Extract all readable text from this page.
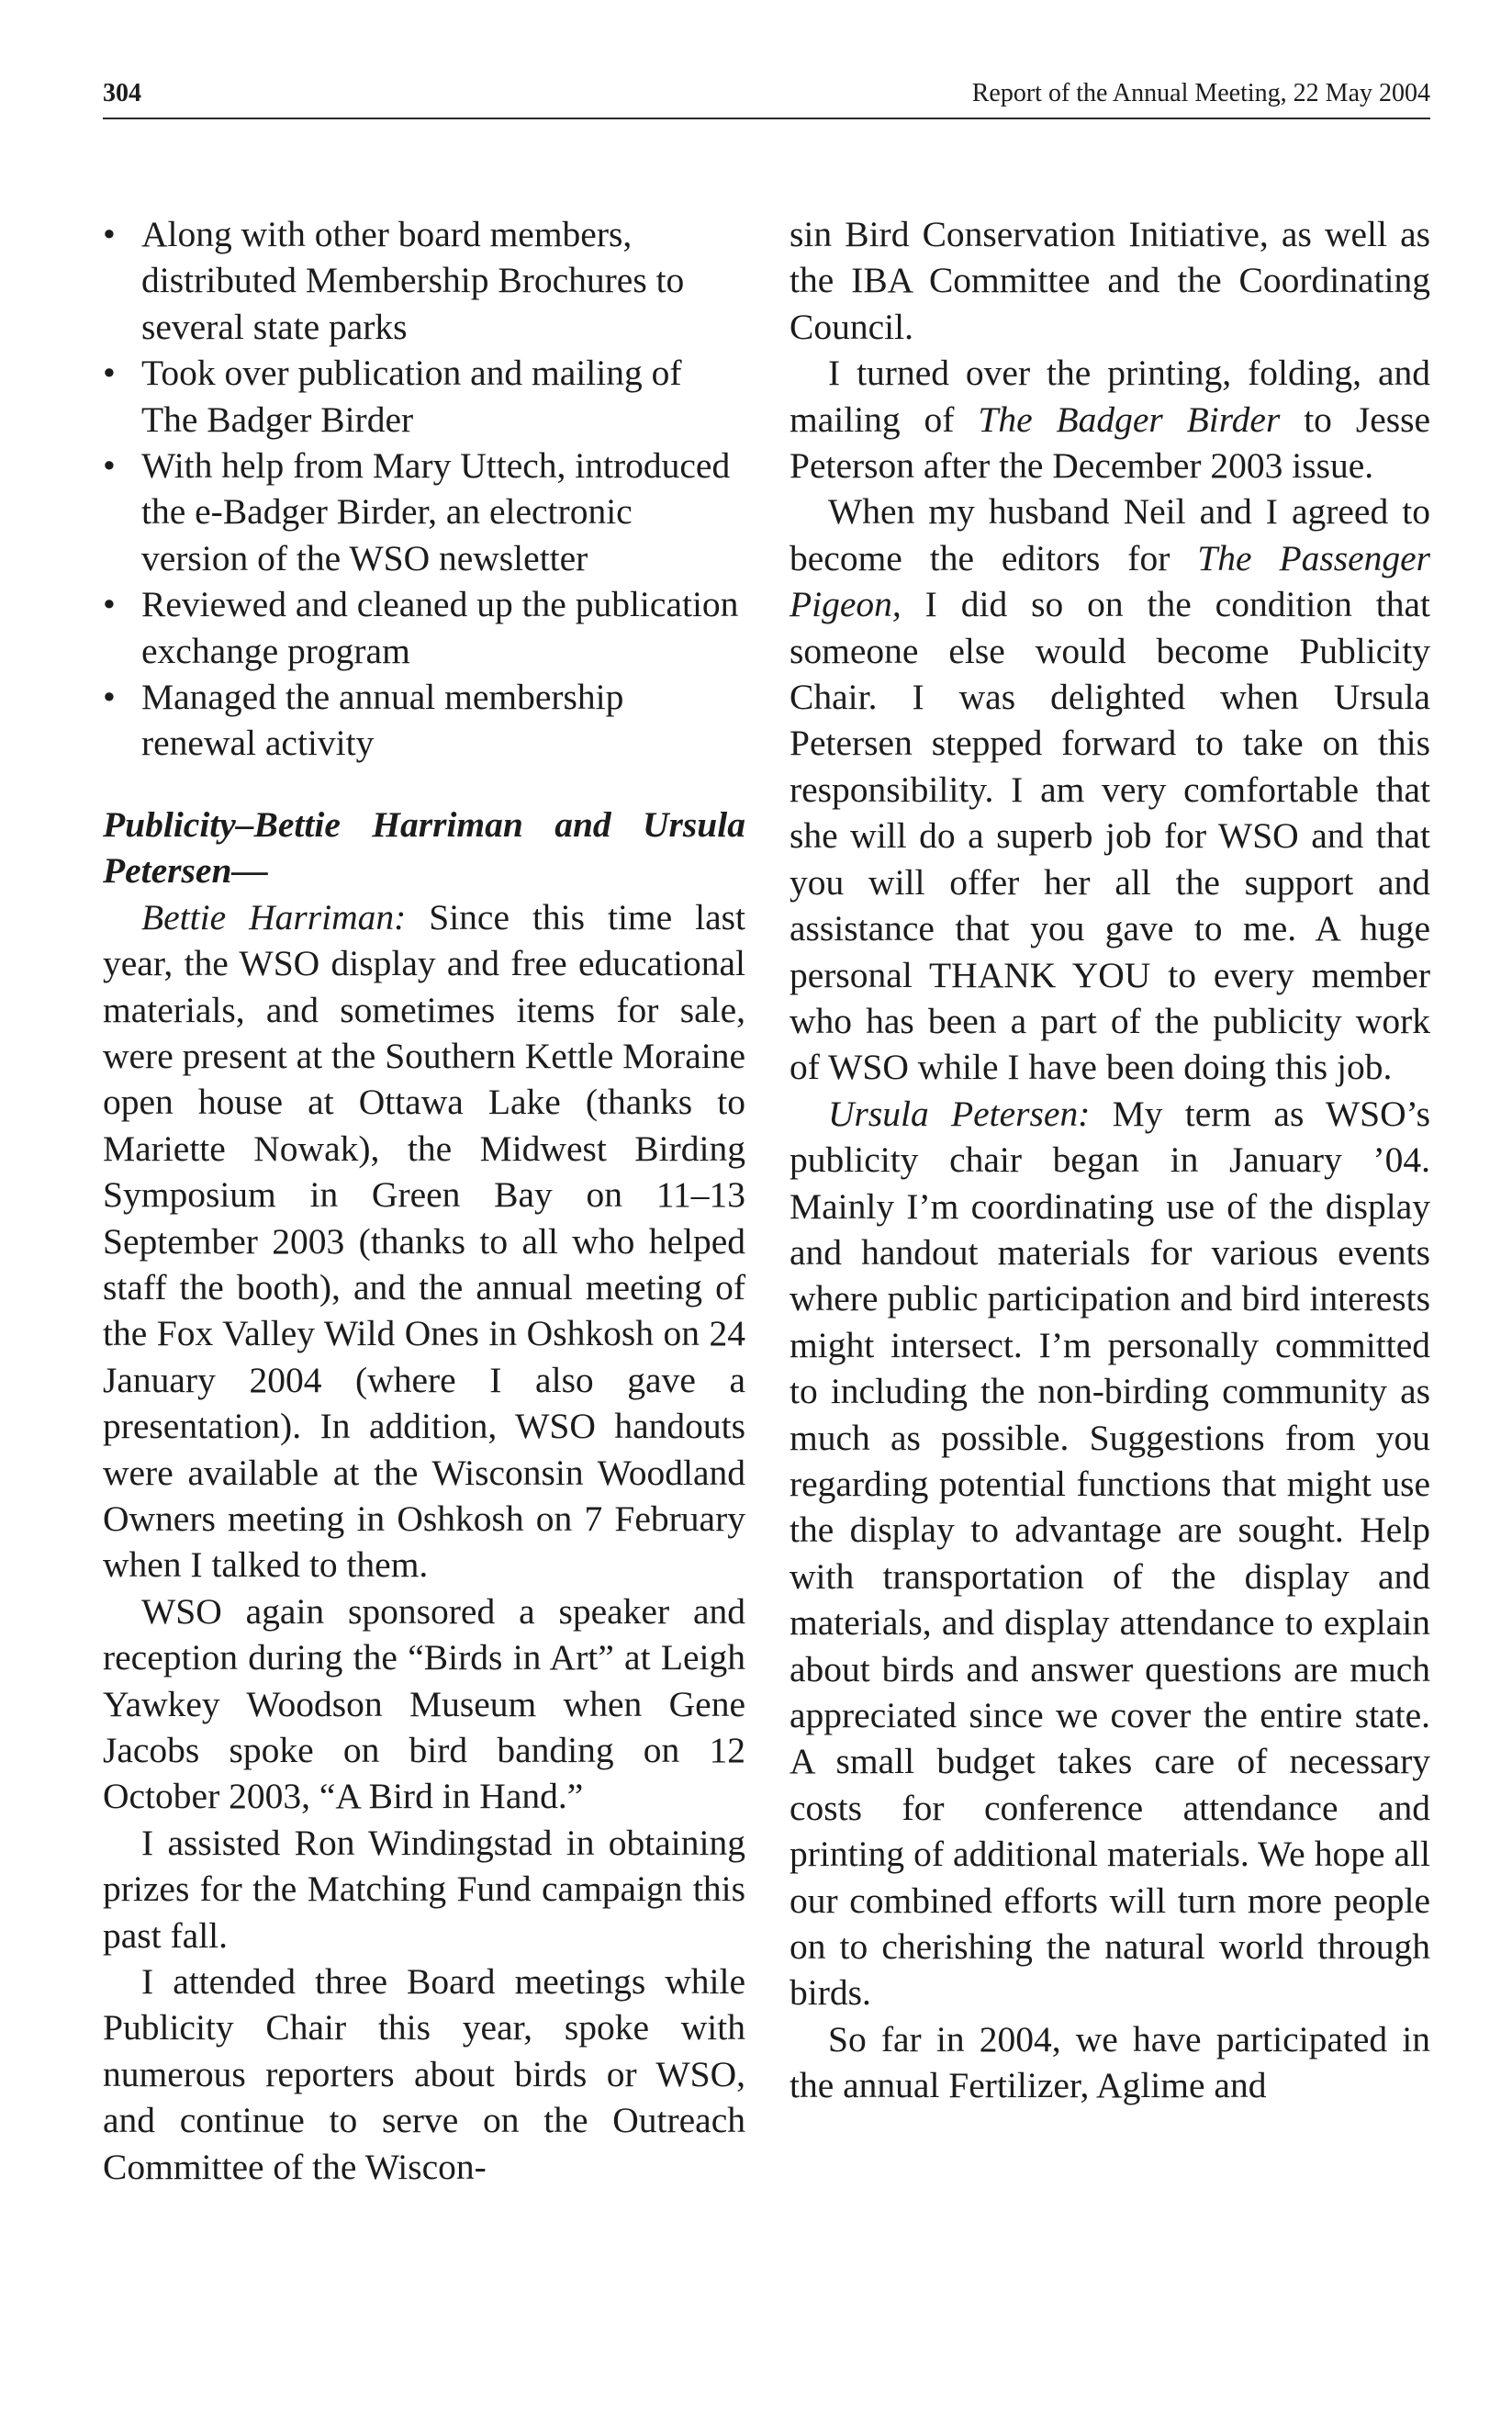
304	Report of the Annual Meeting, 22 May 2004
• Along with other board members, distributed Membership Brochures to several state parks
• Took over publication and mailing of The Badger Birder
• With help from Mary Uttech, introduced the e-Badger Birder, an electronic version of the WSO newsletter
• Reviewed and cleaned up the publication exchange program
• Managed the annual membership renewal activity

Publicity–Bettie Harriman and Ursula Petersen—

Bettie Harriman: Since this time last year, the WSO display and free educational materials, and sometimes items for sale, were present at the Southern Kettle Moraine open house at Ottawa Lake (thanks to Mariette Nowak), the Midwest Birding Symposium in Green Bay on 11–13 September 2003 (thanks to all who helped staff the booth), and the annual meeting of the Fox Valley Wild Ones in Oshkosh on 24 January 2004 (where I also gave a presentation). In addition, WSO handouts were available at the Wisconsin Woodland Owners meeting in Oshkosh on 7 February when I talked to them.

WSO again sponsored a speaker and reception during the “Birds in Art” at Leigh Yawkey Woodson Museum when Gene Jacobs spoke on bird banding on 12 October 2003, “A Bird in Hand.”

I assisted Ron Windingstad in obtaining prizes for the Matching Fund campaign this past fall.

I attended three Board meetings while Publicity Chair this year, spoke with numerous reporters about birds or WSO, and continue to serve on the Outreach Committee of the Wiscon-

sin Bird Conservation Initiative, as well as the IBA Committee and the Coordinating Council.

I turned over the printing, folding, and mailing of The Badger Birder to Jesse Peterson after the December 2003 issue.

When my husband Neil and I agreed to become the editors for The Passenger Pigeon, I did so on the condition that someone else would become Publicity Chair. I was delighted when Ursula Petersen stepped forward to take on this responsibility. I am very comfortable that she will do a superb job for WSO and that you will offer her all the support and assistance that you gave to me. A huge personal THANK YOU to every member who has been a part of the publicity work of WSO while I have been doing this job.

Ursula Petersen: My term as WSO’s publicity chair began in January ’04. Mainly I’m coordinating use of the display and handout materials for various events where public participation and bird interests might intersect. I’m personally committed to including the non-birding community as much as possible. Suggestions from you regarding potential functions that might use the display to advantage are sought. Help with transportation of the display and materials, and display attendance to explain about birds and answer questions are much appreciated since we cover the entire state. A small budget takes care of necessary costs for conference attendance and printing of additional materials. We hope all our combined efforts will turn more people on to cherishing the natural world through birds.

So far in 2004, we have participated in the annual Fertilizer, Aglime and
